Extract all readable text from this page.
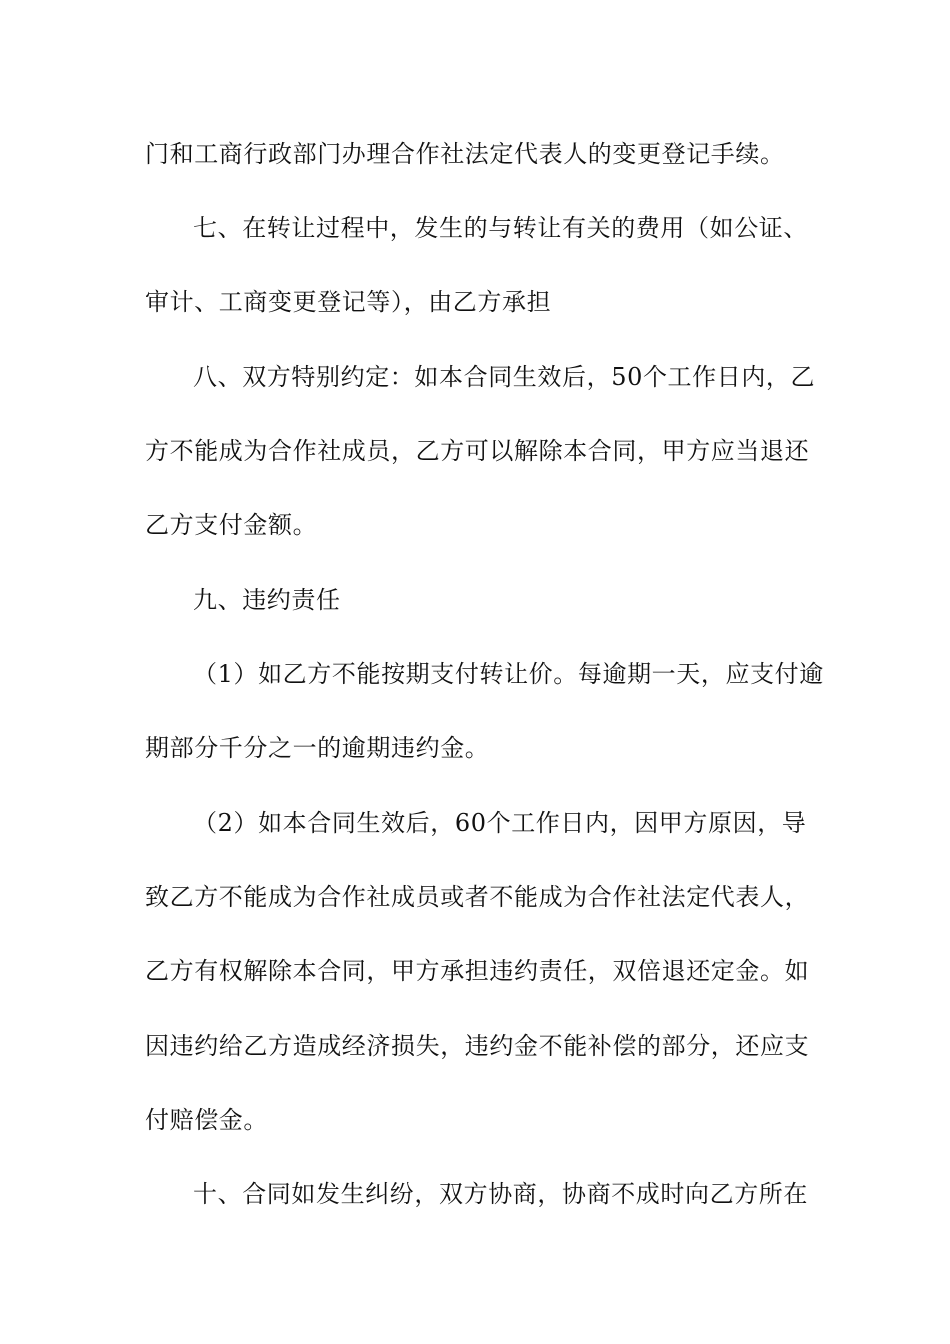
门和工商行政部门办理合作社法定代表人的变更登记手续。
七、在转让过程中，发生的与转让有关的费用（如公证、
审计、工商变更登记等），由乙方承担
八、双方特别约定：如本合同生效后，50个工作日内，乙
方不能成为合作社成员，乙方可以解除本合同，甲方应当退还
乙方支付金额。
九、违约责任
（1）如乙方不能按期支付转让价。每逾期一天，应支付逾
期部分千分之一的逾期违约金。
（2）如本合同生效后，60个工作日内，因甲方原因，导
致乙方不能成为合作社成员或者不能成为合作社法定代表人，
乙方有权解除本合同，甲方承担违约责任，双倍退还定金。如
因违约给乙方造成经济损失，违约金不能补偿的部分，还应支
付赔偿金。
十、合同如发生纠纷，双方协商，协商不成时向乙方所在
